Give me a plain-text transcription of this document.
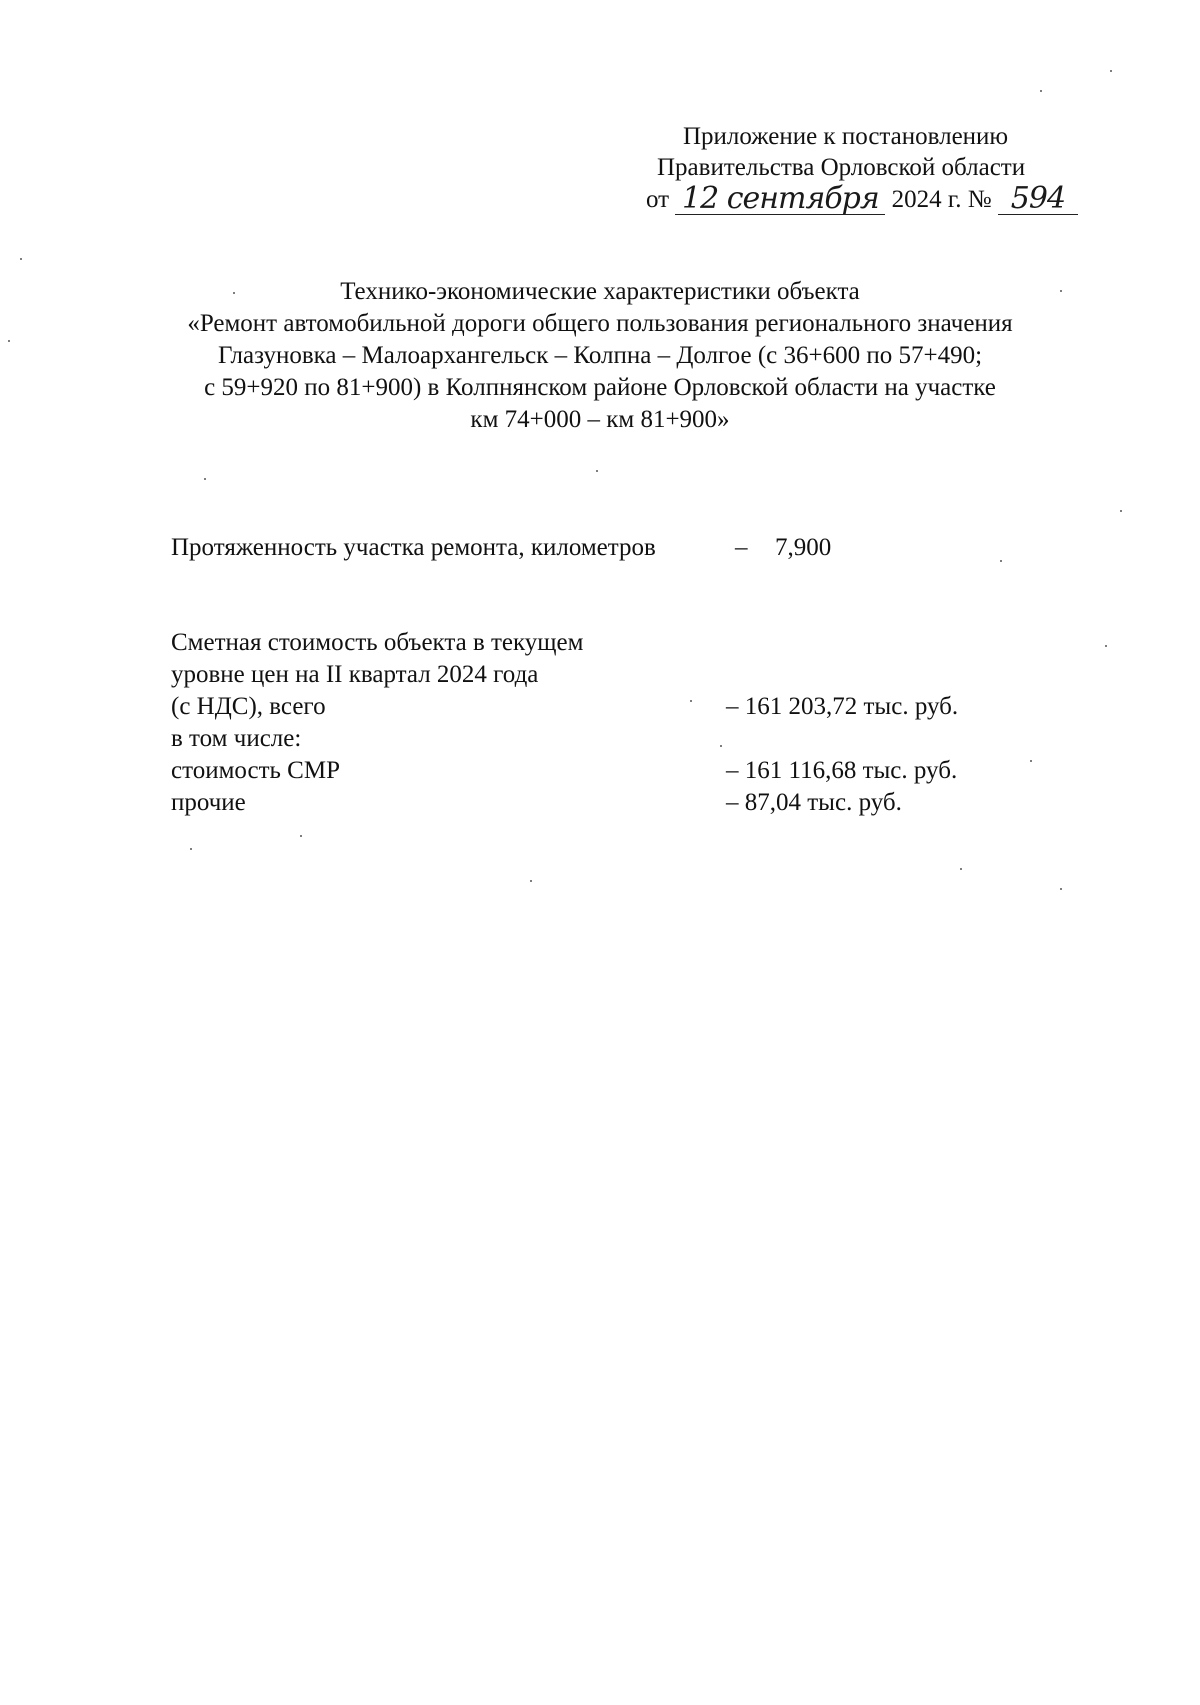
Приложение к постановлению
Правительства Орловской области
от 12 сентября 2024 г. № 594
Технико-экономические характеристики объекта
«Ремонт автомобильной дороги общего пользования регионального значения
Глазуновка – Малоархангельск – Колпна – Долгое (с 36+600 по 57+490;
с 59+920 по 81+900) в Колпнянском районе Орловской области на участке
км 74+000 – км 81+900»
Протяженность участка ремонта, километров	– 7,900
Сметная стоимость объекта в текущем
уровне цен на II квартал 2024 года
(с НДС), всего	– 161 203,72 тыс. руб.
в том числе:
стоимость СМР	– 161 116,68 тыс. руб.
прочие	– 87,04 тыс. руб.
